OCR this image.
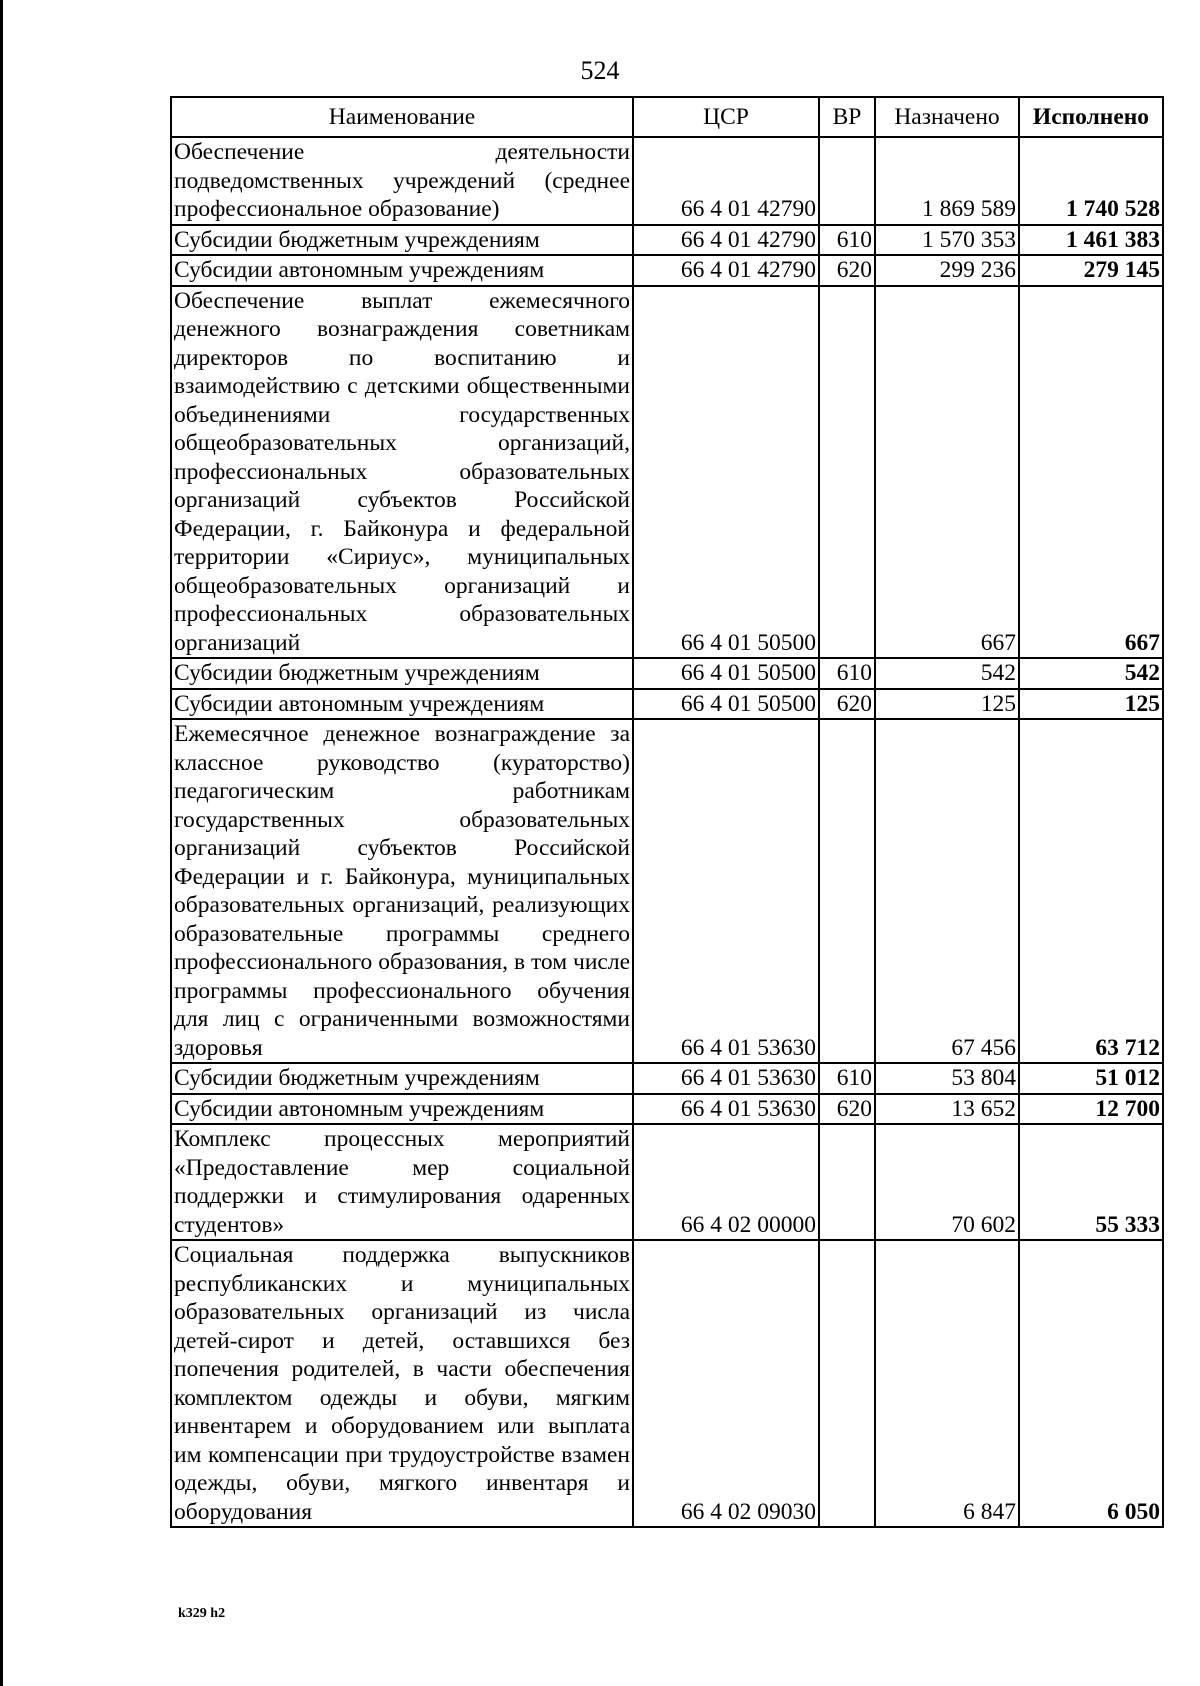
524
Наименование	ЦСР	ВР	Назначено	Исполнено
Обеспечение деятельности подведомственных учреждений (среднее профессиональное образование)	66 4 01 42790		1 869 589	1 740 528
Субсидии бюджетным учреждениям	66 4 01 42790	610	1 570 353	1 461 383
Субсидии автономным учреждениям	66 4 01 42790	620	299 236	279 145
Обеспечение выплат ежемесячного денежного вознаграждения советникам директоров по воспитанию и взаимодействию с детскими общественными объединениями государственных общеобразовательных организаций, профессиональных образовательных организаций субъектов Российской Федерации, г. Байконура и федеральной территории «Сириус», муниципальных общеобразовательных организаций и профессиональных образовательных организаций	66 4 01 50500		667	667
Субсидии бюджетным учреждениям	66 4 01 50500	610	542	542
Субсидии автономным учреждениям	66 4 01 50500	620	125	125
Ежемесячное денежное вознаграждение за классное руководство (кураторство) педагогическим работникам государственных образовательных организаций субъектов Российской Федерации и г. Байконура, муниципальных образовательных организаций, реализующих образовательные программы среднего профессионального образования, в том числе программы профессионального обучения для лиц с ограниченными возможностями здоровья	66 4 01 53630		67 456	63 712
Субсидии бюджетным учреждениям	66 4 01 53630	610	53 804	51 012
Субсидии автономным учреждениям	66 4 01 53630	620	13 652	12 700
Комплекс процессных мероприятий «Предоставление мер социальной поддержки и стимулирования одаренных студентов»	66 4 02 00000		70 602	55 333
Социальная поддержка выпускников республиканских и муниципальных образовательных организаций из числа детей-сирот и детей, оставшихся без попечения родителей, в части обеспечения комплектом одежды и обуви, мягким инвентарем и оборудованием или выплата им компенсации при трудоустройстве взамен одежды, обуви, мягкого инвентаря и оборудования	66 4 02 09030		6 847	6 050
k329 h2
